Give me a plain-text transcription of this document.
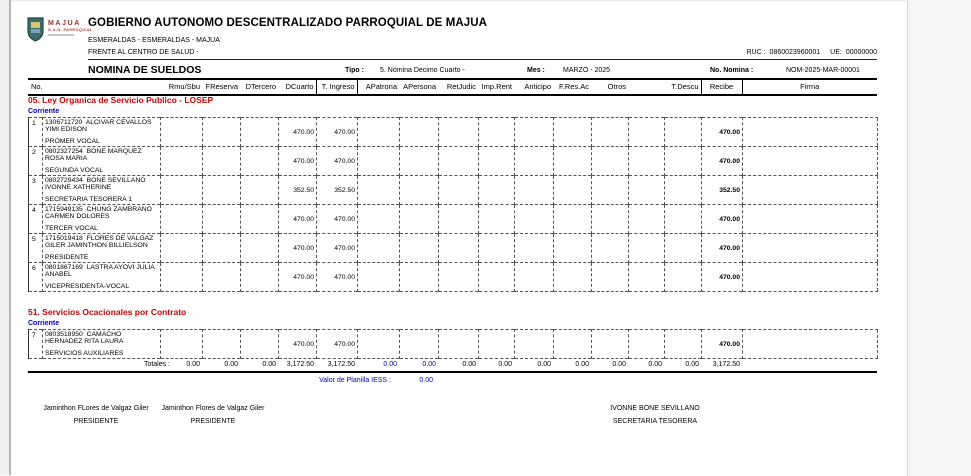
MAJUA
G.A.D. PARROQUIAL
GOBIERNO AUTONOMO DESCENTRALIZADO PARROQUIAL DE MAJUA
ESMERALDAS - ESMERALDAS - MAJUA
FRENTE AL CENTRO DE SALUD -	RUC : 0860023960001 UE: 00000000
NOMINA DE SUELDOS	Tipo : 5. Nómina Decimo Cuarto -	Mes :	MARZO - 2025	No. Nomina :	NOM-2025-MAR-00001
No.	Rmu/Sbu	FReserva	DTercero	DCuarto	T. Ingreso	APatrona	APersona	RetJudic	Imp.Rent	Anticipo	F.Res.Ac	Otros		T.Descu	Recibe	Firma
05. Ley Organica de Servicio Publico - LOSEP
Corriente
1	1306711720 ALCIVAR CEVALLOS YIMI EDISON
PROMER VOCAL				470.00	470.00										470.00	
2	0802327254 BONE MARQUEZ ROSA MARIA
SEGUNDA VOCAL				470.00	470.00										470.00	
3	0802729434 BONE SEVILLANO IVONNE XATHERINE
SECRETARIA TESORERA 1				352.50	352.50										352.50	
4	1715949135 CHUNG ZAMBRANO CARMEN DOLORES
TERCER VOCAL				470.00	470.00										470.00	
5	1715019418 FLORES DE VALGAZ GILER JAMINTHON BILLIELSON
PRESIDENTE				470.00	470.00										470.00	
6	0801867169 LASTRA AYOVI JULIA ANABEL
VICEPRESIDENTA-VOCAL				470.00	470.00										470.00	
51. Servicios Ocacionales por Contrato
Corriente
7	0803518950 CAMACHO HERNADEZ RITA LAURA
SERVICIOS AUXILIARES
				470.00	470.00										470.00	
Totales :	0.00	0.00	0.00	3,172.50	3,172.50	0.00	0.00	0.00	0.00	0.00	0.00	0.00	0.00	0.00	3,172.50	
Valor de Planilla IESS :	0.00
Jaminthon FLores de Valgaz Giler
PRESIDENTE
Jaminthon Flores de Valgaz Giler
PRESIDENTE
IVONNE BONE SEVILLANO
SECRETARIA TESORERA
